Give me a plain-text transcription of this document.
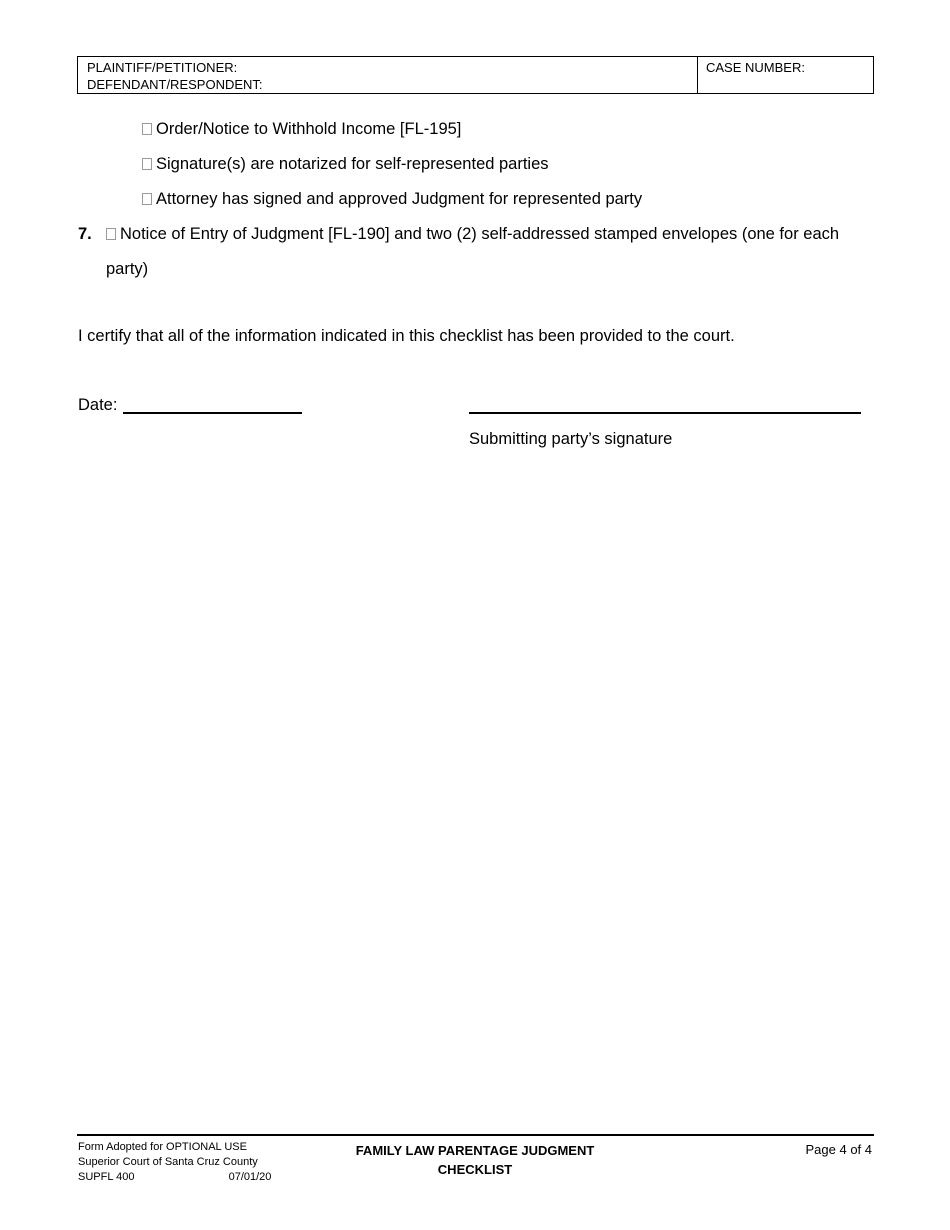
PLAINTIFF/PETITIONER:
DEFENDANT/RESPONDENT:
CASE NUMBER:
Order/Notice to Withhold Income [FL-195]
Signature(s) are notarized for self-represented parties
Attorney has signed and approved Judgment for represented party
7. Notice of Entry of Judgment [FL-190] and two (2) self-addressed stamped envelopes (one for each
party)
I certify that all of the information indicated in this checklist has been provided to the court.
Date:
Submitting party’s signature
Form Adopted for OPTIONAL USE
Superior Court of Santa Cruz County
SUPFL 400	07/01/20
FAMILY LAW PARENTAGE JUDGMENT
CHECKLIST
Page 4 of 4
